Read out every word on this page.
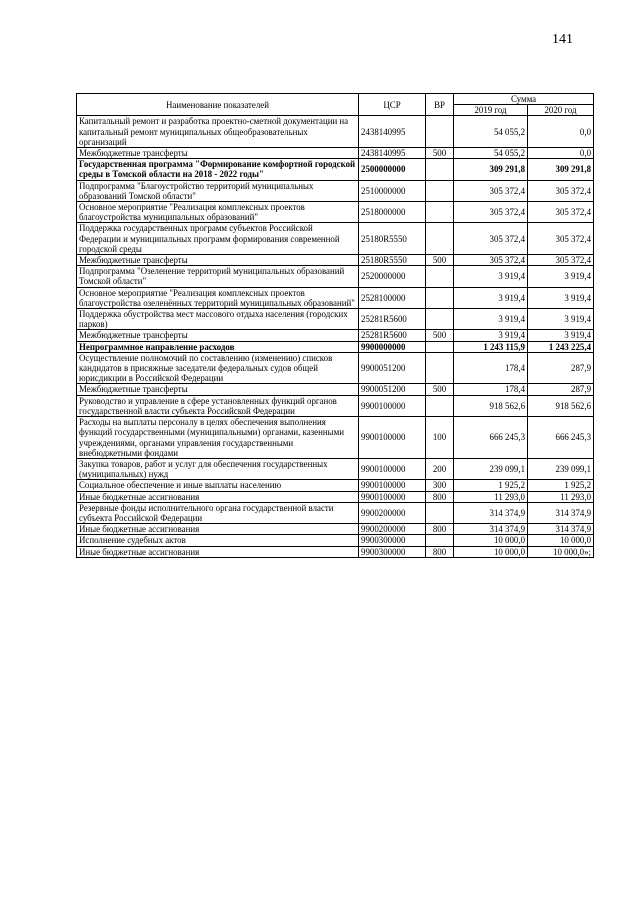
141
Наименование показателей	ЦСР	ВР	Сумма	
			2019 год	2020 год
Капитальный ремонт и разработка проектно-сметной документации на капитальный ремонт муниципальных общеобразовательных организаций	2438140995		54 055,2	0,0
Межбюджетные трансферты	2438140995	500	54 055,2	0,0
Государственная программа "Формирование комфортной городской среды в Томской области на 2018 - 2022 годы"	2500000000		309 291,8	309 291,8
Подпрограмма "Благоустройство территорий муниципальных образований Томской области"	2510000000		305 372,4	305 372,4
Основное мероприятие "Реализация комплексных проектов благоустройства муниципальных образований"	2518000000		305 372,4	305 372,4
Поддержка государственных программ субъектов Российской Федерации и муниципальных программ формирования современной городской среды	25180R5550		305 372,4	305 372,4
Межбюджетные трансферты	25180R5550	500	305 372,4	305 372,4
Подпрограмма "Озеленение территорий муниципальных образований Томской области"	2520000000		3 919,4	3 919,4
Основное мероприятие "Реализация комплексных проектов благоустройства озеленённых территорий муниципальных образований"	2528100000		3 919,4	3 919,4
Поддержка обустройства мест массового отдыха населения (городских парков)	25281R5600		3 919,4	3 919,4
Межбюджетные трансферты	25281R5600	500	3 919,4	3 919,4
Непрограммное направление расходов	9900000000		1 243 115,9	1 243 225,4
Осуществление полномочий по составлению (изменению) списков кандидатов в присяжные заседатели федеральных судов общей юрисдикции в Российской Федерации	9900051200		178,4	287,9
Межбюджетные трансферты	9900051200	500	178,4	287,9
Руководство и управление в сфере установленных функций органов государственной власти субъекта Российской Федерации	9900100000		918 562,6	918 562,6
Расходы на выплаты персоналу в целях обеспечения выполнения функций государственными (муниципальными) органами, казенными учреждениями, органами управления государственными внебюджетными фондами	9900100000	100	666 245,3	666 245,3
Закупка товаров, работ и услуг для обеспечения государственных (муниципальных) нужд	9900100000	200	239 099,1	239 099,1
Социальное обеспечение и иные выплаты населению	9900100000	300	1 925,2	1 925,2
Иные бюджетные ассигнования	9900100000	800	11 293,0	11 293,0
Резервные фонды исполнительного органа государственной власти субъекта Российской Федерации	9900200000		314 374,9	314 374,9
Иные бюджетные ассигнования	9900200000	800	314 374,9	314 374,9
Исполнение судебных актов	9900300000		10 000,0	10 000,0
Иные бюджетные ассигнования	9900300000	800	10 000,0	10 000,0»;
